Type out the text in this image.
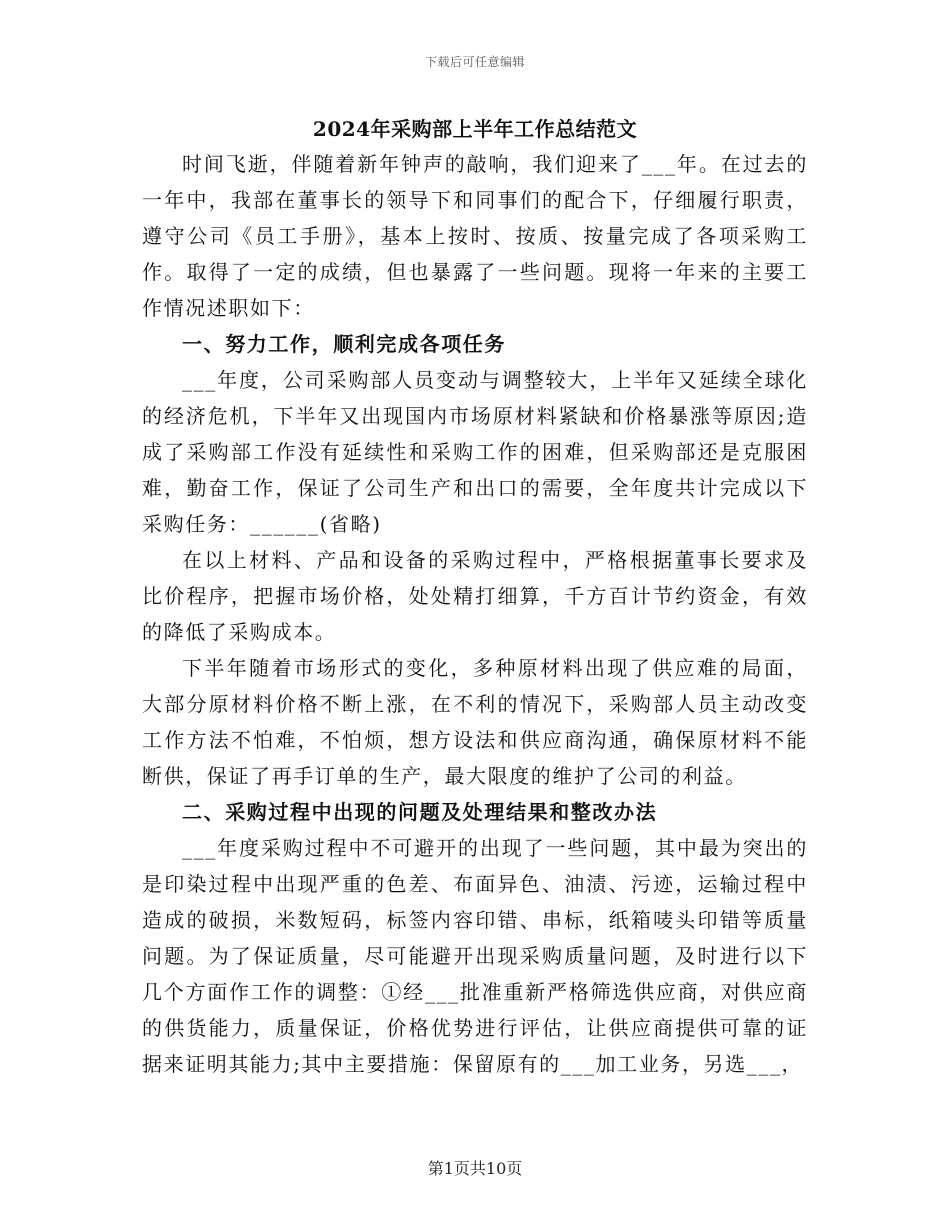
下载后可任意编辑
2024年采购部上半年工作总结范文

时间飞逝，伴随着新年钟声的敲响，我们迎来了___年。在过去的一年中，我部在董事长的领导下和同事们的配合下，仔细履行职责，遵守公司《员工手册》，基本上按时、按质、按量完成了各项采购工作。取得了一定的成绩，但也暴露了一些问题。现将一年来的主要工作情况述职如下：

一、努力工作，顺利完成各项任务

___年度，公司采购部人员变动与调整较大，上半年又延续全球化的经济危机，下半年又出现国内市场原材料紧缺和价格暴涨等原因;造成了采购部工作没有延续性和采购工作的困难，但采购部还是克服困难，勤奋工作，保证了公司生产和出口的需要，全年度共计完成以下采购任务：______(省略)

在以上材料、产品和设备的采购过程中，严格根据董事长要求及比价程序，把握市场价格，处处精打细算，千方百计节约资金，有效的降低了采购成本。

下半年随着市场形式的变化，多种原材料出现了供应难的局面，大部分原材料价格不断上涨，在不利的情况下，采购部人员主动改变工作方法不怕难，不怕烦，想方设法和供应商沟通，确保原材料不能断供，保证了再手订单的生产，最大限度的维护了公司的利益。

二、采购过程中出现的问题及处理结果和整改办法

___年度采购过程中不可避开的出现了一些问题，其中最为突出的是印染过程中出现严重的色差、布面异色、油渍、污迹，运输过程中造成的破损，米数短码，标签内容印错、串标，纸箱唛头印错等质量问题。为了保证质量，尽可能避开出现采购质量问题，及时进行以下几个方面作工作的调整：①经___批准重新严格筛选供应商，对供应商的供货能力，质量保证，价格优势进行评估，让供应商提供可靠的证据来证明其能力;其中主要措施：保留原有的___加工业务，另选___，

第1页共10页
